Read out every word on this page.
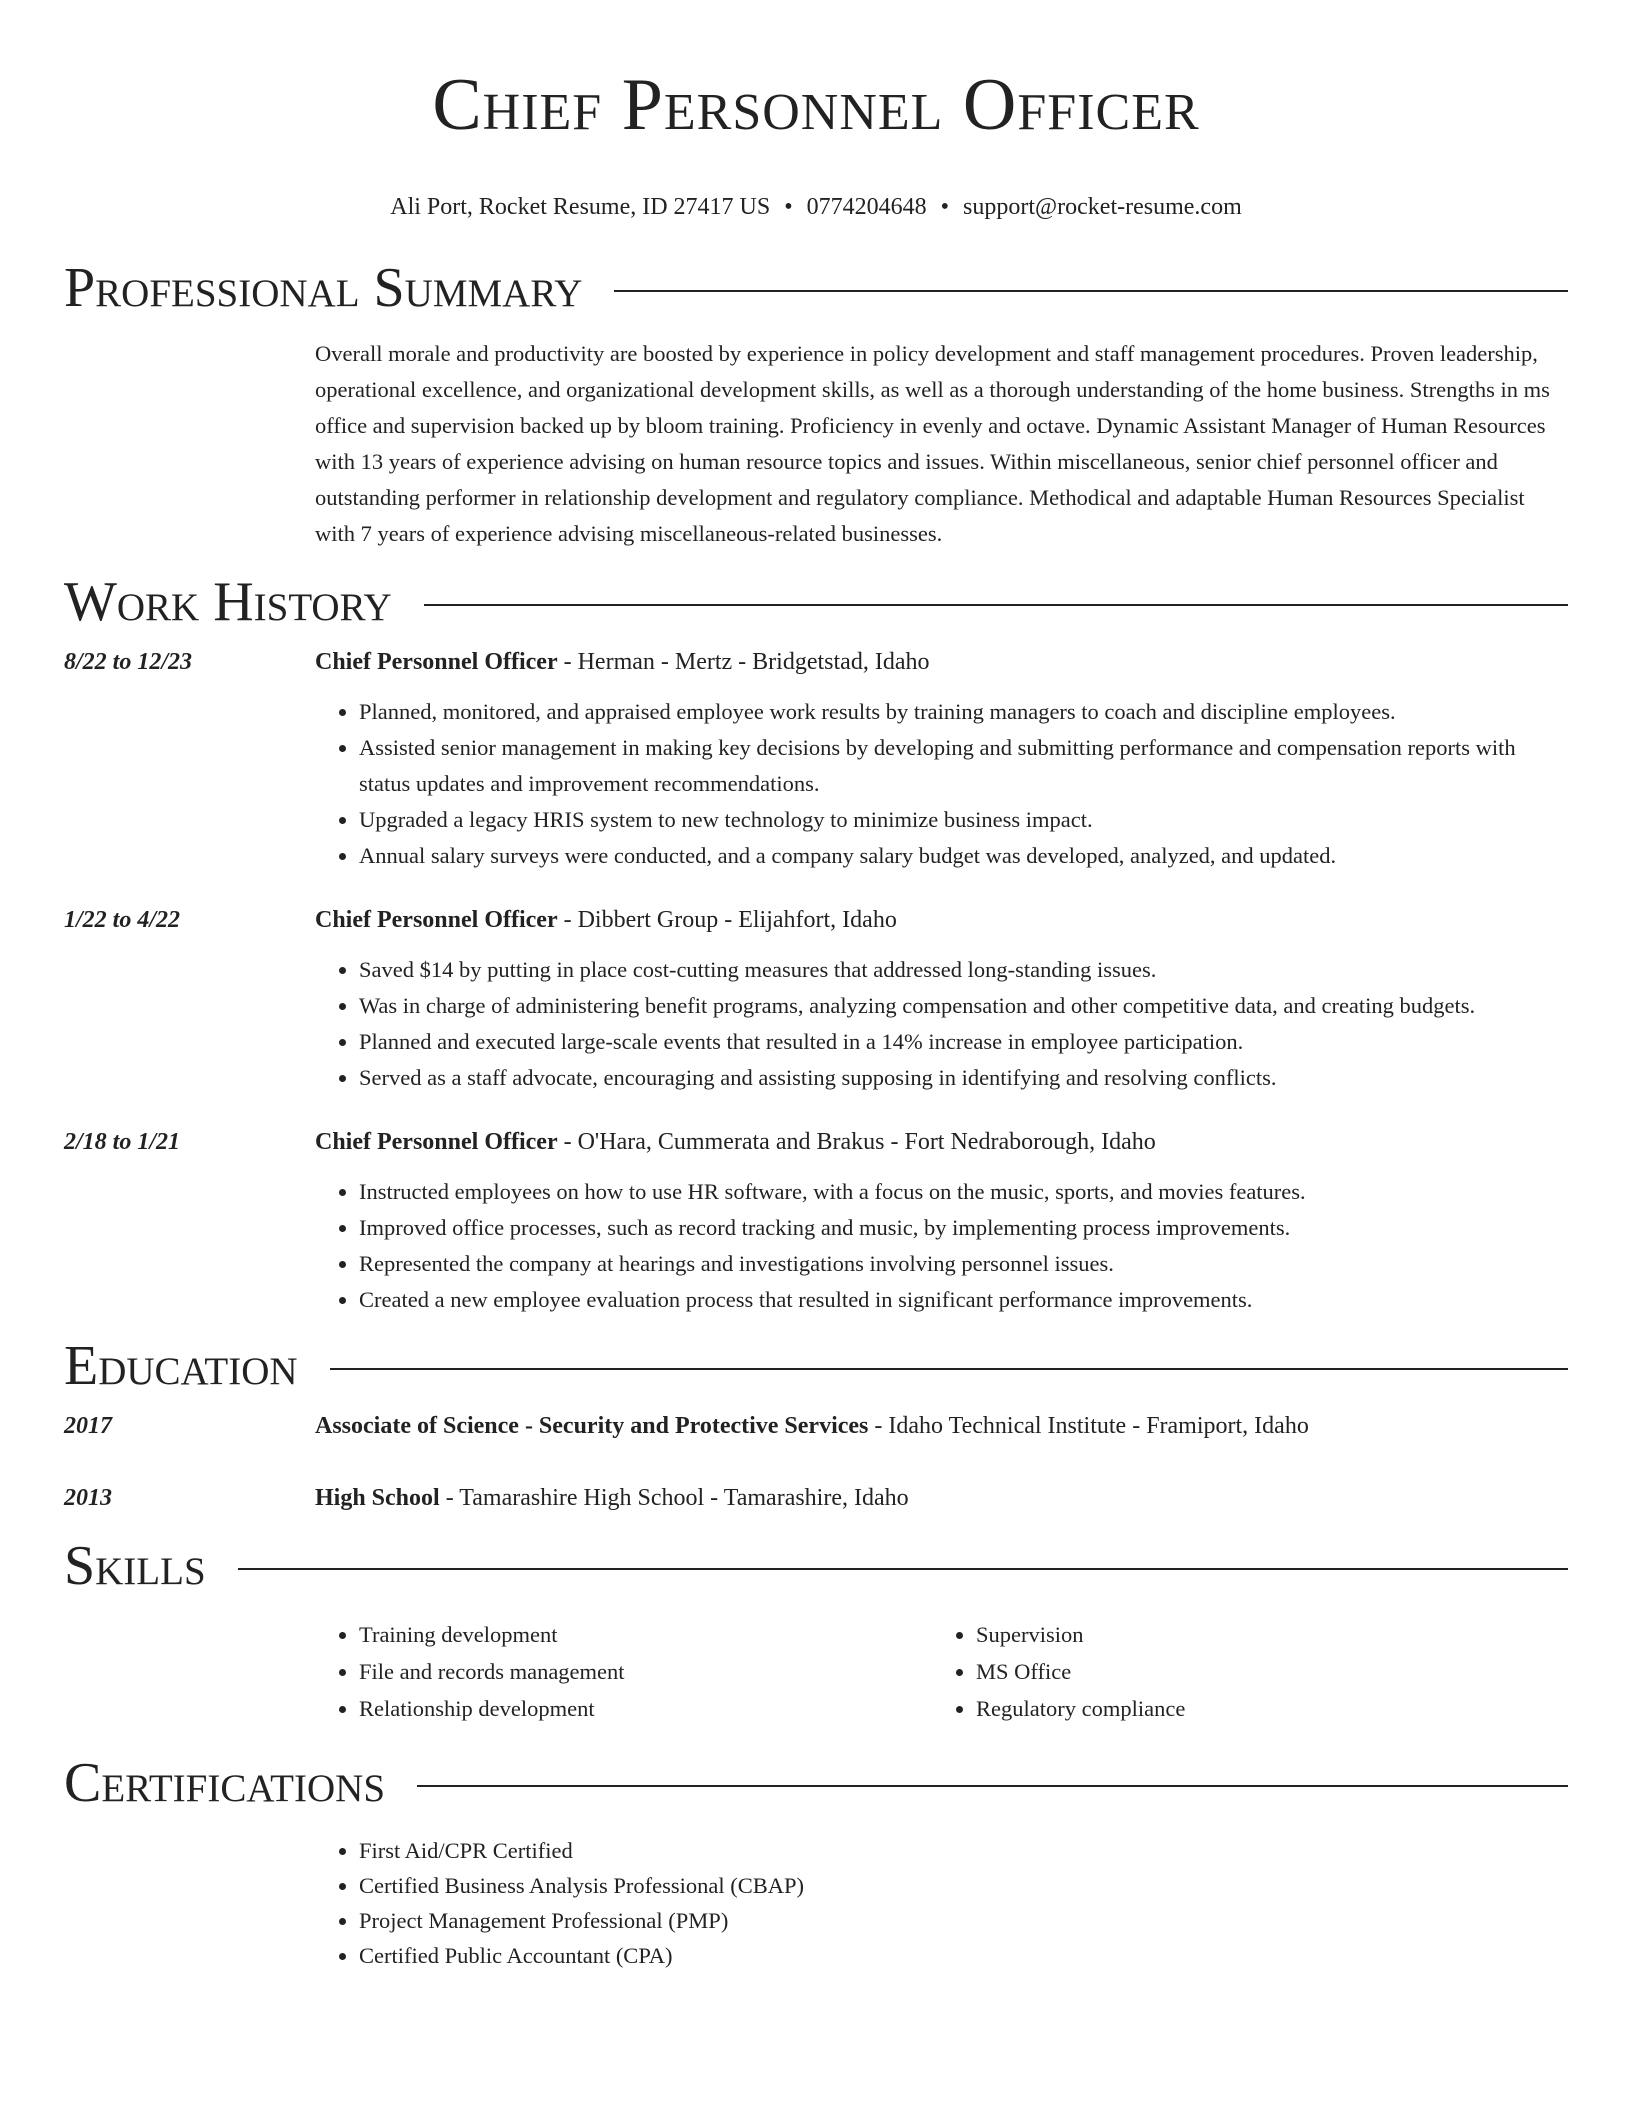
Chief Personnel Officer
Ali Port, Rocket Resume, ID 27417 US • 0774204648 • support@rocket-resume.com
Professional Summary
Overall morale and productivity are boosted by experience in policy development and staff management procedures. Proven leadership, operational excellence, and organizational development skills, as well as a thorough understanding of the home business. Strengths in ms office and supervision backed up by bloom training. Proficiency in evenly and octave. Dynamic Assistant Manager of Human Resources with 13 years of experience advising on human resource topics and issues. Within miscellaneous, senior chief personnel officer and outstanding performer in relationship development and regulatory compliance. Methodical and adaptable Human Resources Specialist with 7 years of experience advising miscellaneous-related businesses.
Work History
8/22 to 12/23	Chief Personnel Officer - Herman - Mertz - Bridgetstad, Idaho
• Planned, monitored, and appraised employee work results by training managers to coach and discipline employees.
• Assisted senior management in making key decisions by developing and submitting performance and compensation reports with status updates and improvement recommendations.
• Upgraded a legacy HRIS system to new technology to minimize business impact.
• Annual salary surveys were conducted, and a company salary budget was developed, analyzed, and updated.
1/22 to 4/22	Chief Personnel Officer - Dibbert Group - Elijahfort, Idaho
• Saved $14 by putting in place cost-cutting measures that addressed long-standing issues.
• Was in charge of administering benefit programs, analyzing compensation and other competitive data, and creating budgets.
• Planned and executed large-scale events that resulted in a 14% increase in employee participation.
• Served as a staff advocate, encouraging and assisting supposing in identifying and resolving conflicts.
2/18 to 1/21	Chief Personnel Officer - O'Hara, Cummerata and Brakus - Fort Nedraborough, Idaho
• Instructed employees on how to use HR software, with a focus on the music, sports, and movies features.
• Improved office processes, such as record tracking and music, by implementing process improvements.
• Represented the company at hearings and investigations involving personnel issues.
• Created a new employee evaluation process that resulted in significant performance improvements.
Education
2017	Associate of Science - Security and Protective Services - Idaho Technical Institute - Framiport, Idaho
2013	High School - Tamarashire High School - Tamarashire, Idaho
Skills
• Training development
• File and records management
• Relationship development
• Supervision
• MS Office
• Regulatory compliance
Certifications
• First Aid/CPR Certified
• Certified Business Analysis Professional (CBAP)
• Project Management Professional (PMP)
• Certified Public Accountant (CPA)
